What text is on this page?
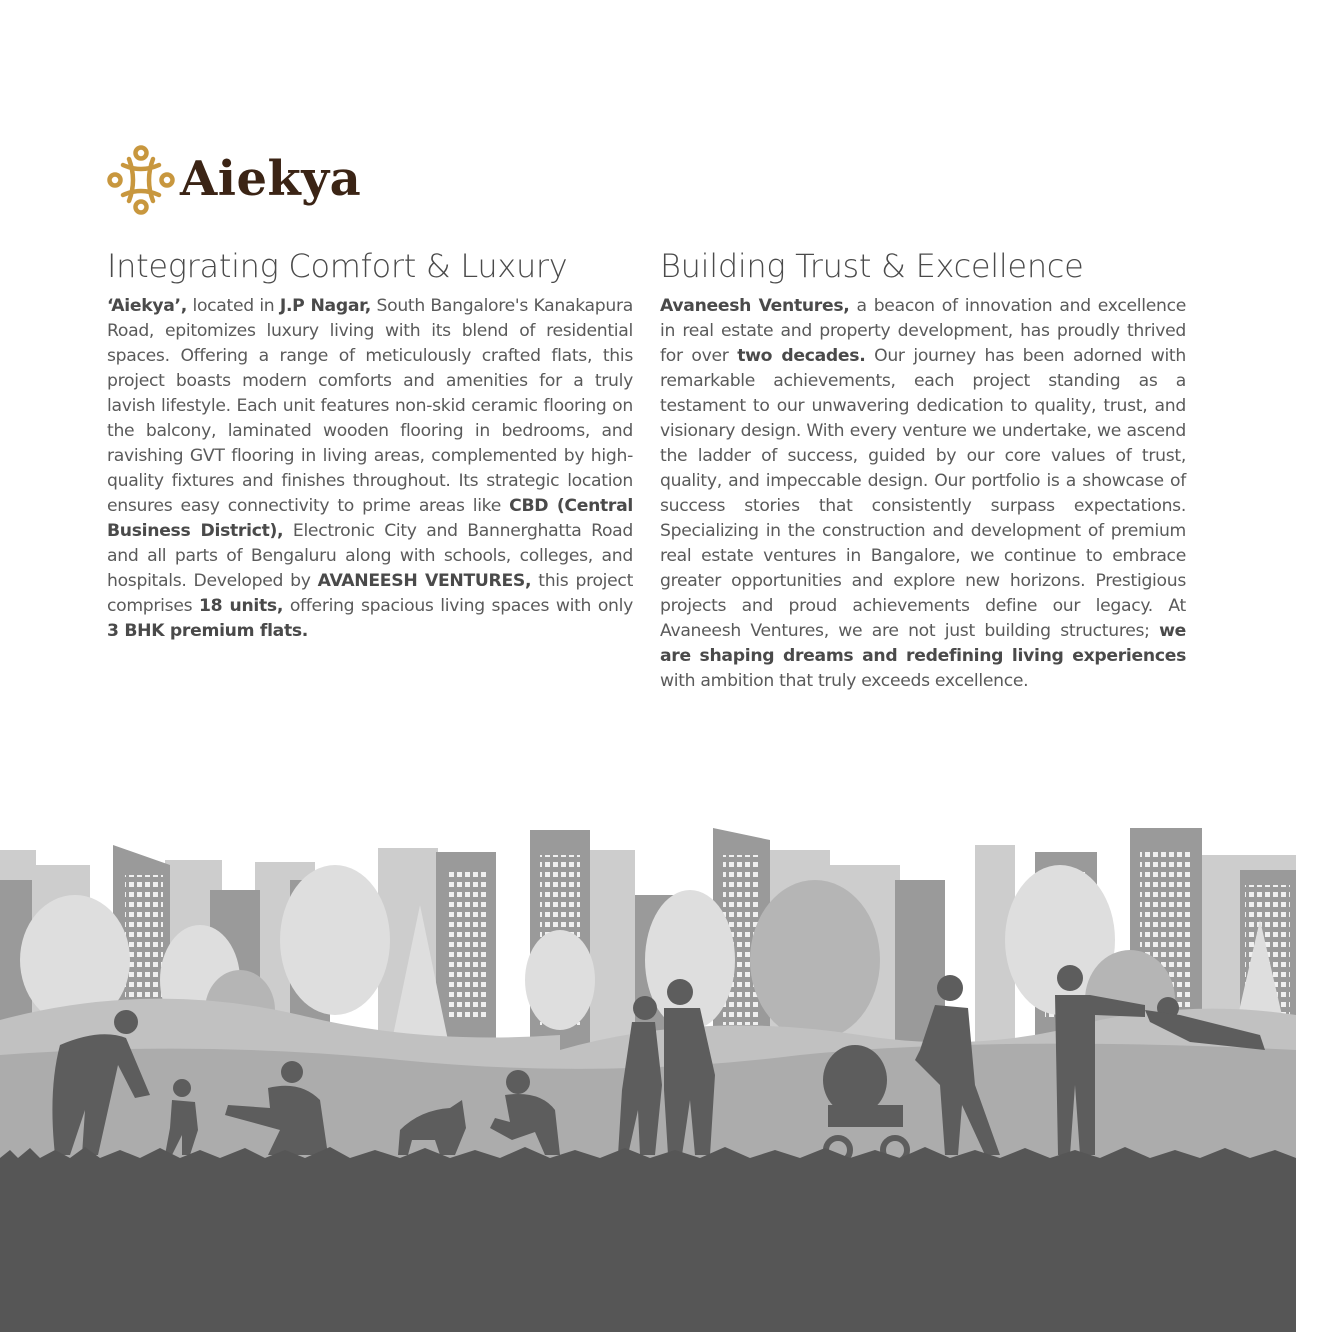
Aiekya
Integrating Comfort & Luxury

‘Aiekya’, located in J.P Nagar, South Bangalore's Kanakapura Road, epitomizes luxury living with its blend of residential spaces. Offering a range of meticulously crafted flats, this project boasts modern comforts and amenities for a truly lavish lifestyle. Each unit features non-skid ceramic flooring on the balcony, laminated wooden flooring in bedrooms, and ravishing GVT flooring in living areas, complemented by high-quality fixtures and finishes throughout. Its strategic location ensures easy connectivity to prime areas like CBD (Central Business District), Electronic City and Bannerghatta Road and all parts of Bengaluru along with schools, colleges, and hospitals. Developed by AVANEESH VENTURES, this project comprises 18 units, offering spacious living spaces with only 3 BHK premium flats.

Building Trust & Excellence

Avaneesh Ventures, a beacon of innovation and excellence in real estate and property development, has proudly thrived for over two decades. Our journey has been adorned with remarkable achievements, each project standing as a testament to our unwavering dedication to quality, trust, and visionary design. With every venture we undertake, we ascend the ladder of success, guided by our core values of trust, quality, and impeccable design. Our portfolio is a showcase of success stories that consistently surpass expectations. Specializing in the construction and development of premium real estate ventures in Bangalore, we continue to embrace greater opportunities and explore new horizons. Prestigious projects and proud achievements define our legacy. At Avaneesh Ventures, we are not just building structures; we are shaping dreams and redefining living experiences with ambition that truly exceeds excellence.
